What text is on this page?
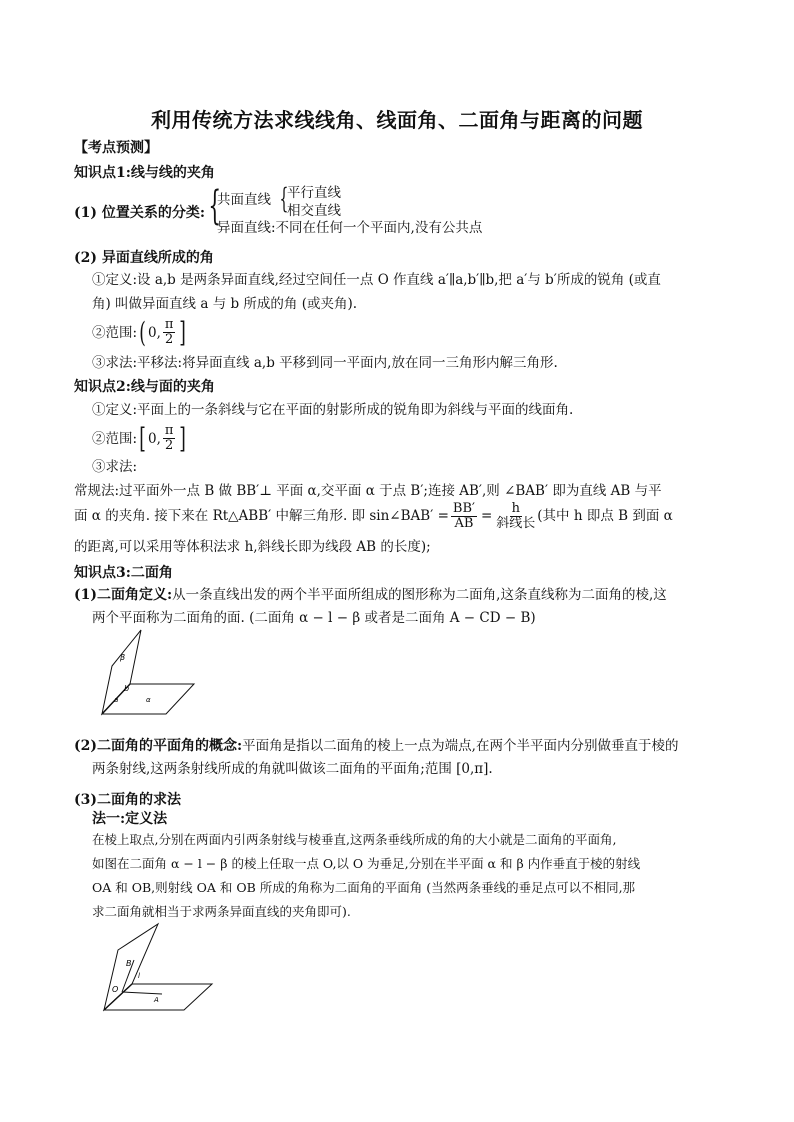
利用传统方法求线线角、线面角、二面角与距离的问题
【考点预测】
知识点1:线与线的夹角
(1) 位置关系的分类: {
共面直线 {
平行直线
相交直线
异面直线:不同在任何一个平面内,没有公共点
(2) 异面直线所成的角
①定义:设 a,b 是两条异面直线,经过空间任一点 O 作直线 a′∥a,b′∥b,把 a′与 b′所成的锐角 (或直
角) 叫做异面直线 a 与 b 所成的角 (或夹角).
②范围: ( 0, $\frac{\pi}{2}$ ]
③求法:平移法:将异面直线 a,b 平移到同一平面内,放在同一三角形内解三角形.
知识点2:线与面的夹角
①定义:平面上的一条斜线与它在平面的射影所成的锐角即为斜线与平面的线面角.
②范围: [ 0, $\frac{\pi}{2}$ ]
③求法:
常规法:过平面外一点 B 做 BB′⊥ 平面 α,交平面 α 于点 B′;连接 AB′,则 ∠BAB′ 即为直线 AB 与平
面 α 的夹角. 接下来在 Rt△ABB′ 中解三角形. 即 sin∠BAB′ = $\frac{BB'}{AB} = \frac{h}{\text{斜线长}}$ (其中 h 即点 B 到面 α
的距离,可以采用等体积法求 h,斜线长即为线段 AB 的长度);
知识点3:二面角
(1)二面角定义:从一条直线出发的两个半平面所组成的图形称为二面角,这条直线称为二面角的棱,这
两个平面称为二面角的面. (二面角 α − l − β 或者是二面角 A − CD − B)
β
b
a	α
(2)二面角的平面角的概念:平面角是指以二面角的棱上一点为端点,在两个半平面内分别做垂直于棱的
两条射线,这两条射线所成的角就叫做该二面角的平面角;范围 [0,π].
(3)二面角的求法
法一:定义法
在棱上取点,分别在两面内引两条射线与棱垂直,这两条垂线所成的角的大小就是二面角的平面角,
如图在二面角 α − l − β 的棱上任取一点 O,以 O 为垂足,分别在半平面 α 和 β 内作垂直于棱的射线
OA 和 OB,则射线 OA 和 OB 所成的角称为二面角的平面角 (当然两条垂线的垂足点可以不相同,那
求二面角就相当于求两条异面直线的夹角即可).
B
l
O
A
